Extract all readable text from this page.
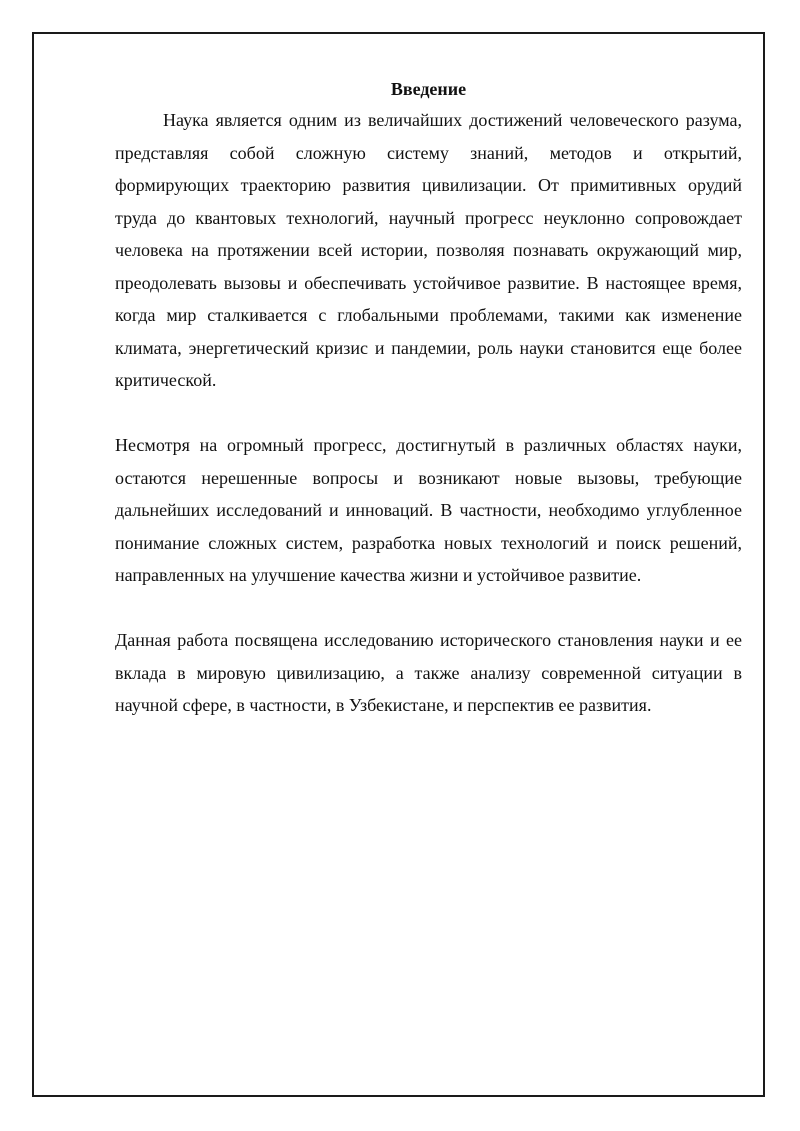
Введение

Наука является одним из величайших достижений человеческого разума, представляя собой сложную систему знаний, методов и открытий, формирующих траекторию развития цивилизации. От примитивных орудий труда до квантовых технологий, научный прогресс неуклонно сопровождает человека на протяжении всей истории, позволяя познавать окружающий мир, преодолевать вызовы и обеспечивать устойчивое развитие. В настоящее время, когда мир сталкивается с глобальными проблемами, такими как изменение климата, энергетический кризис и пандемии, роль науки становится еще более критической.

Несмотря на огромный прогресс, достигнутый в различных областях науки, остаются нерешенные вопросы и возникают новые вызовы, требующие дальнейших исследований и инноваций. В частности, необходимо углубленное понимание сложных систем, разработка новых технологий и поиск решений, направленных на улучшение качества жизни и устойчивое развитие.

Данная работа посвящена исследованию исторического становления науки и ее вклада в мировую цивилизацию, а также анализу современной ситуации в научной сфере, в частности, в Узбекистане, и перспектив ее развития.
